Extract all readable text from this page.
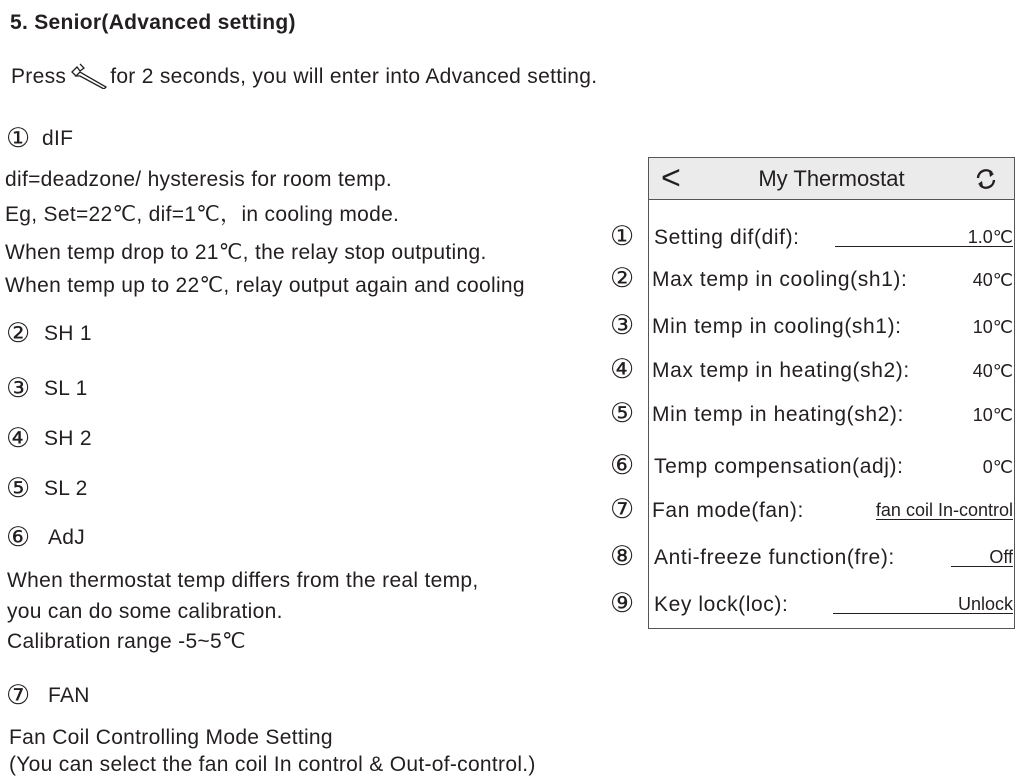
5. Senior(Advanced setting)
Press for 2 seconds, you will enter into Advanced setting.
① dIF
dif=deadzone/ hysteresis for room temp.
Eg, Set=22℃, dif=1℃，in cooling mode.
When temp drop to 21℃, the relay stop outputing.
When temp up to 22℃, relay output again and cooling
② SH 1
③ SL 1
④ SH 2
⑤ SL 2
⑥ AdJ
When thermostat temp differs from the real temp,
you can do some calibration.
Calibration range -5~5℃
⑦ FAN
Fan Coil Controlling Mode Setting
(You can select the fan coil In control & Out-of-control.)
<	My Thermostat
① Setting dif(dif):	1.0℃
② Max temp in cooling(sh1):	40℃
③ Min temp in cooling(sh1):	10℃
④ Max temp in heating(sh2):	40℃
⑤ Min temp in heating(sh2):	10℃
⑥ Temp compensation(adj):	0℃
⑦ Fan mode(fan):	fan coil In-control
⑧ Anti-freeze function(fre):	Off
⑨ Key lock(loc):	Unlock
